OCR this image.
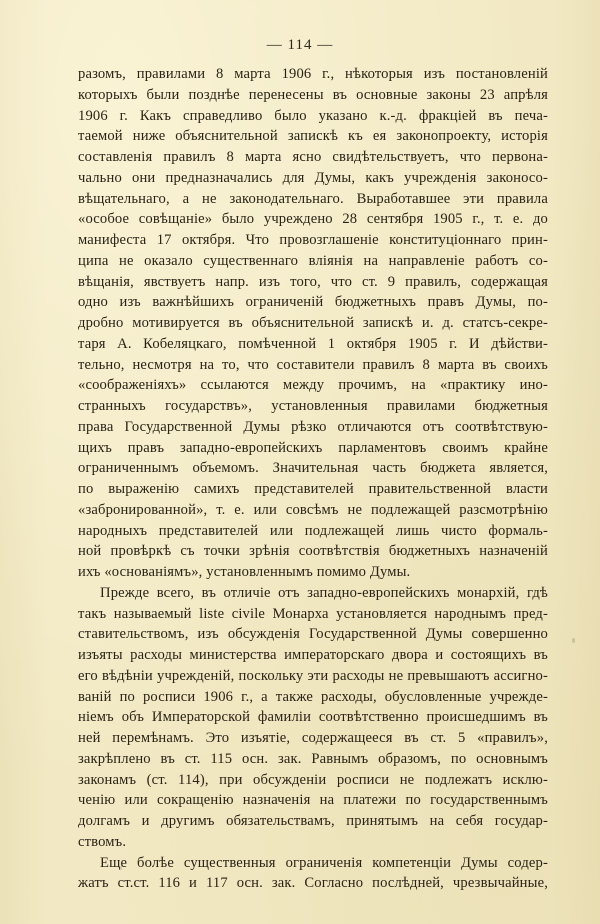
— 114 —
разомъ, правилами 8 марта 1906 г., нѣкоторыя изъ постановленій
которыхъ были позднѣе перенесены въ основные законы 23 апрѣля
1906 г. Какъ справедливо было указано к.-д. фракціей въ печа-
таемой ниже объяснительной запискѣ къ ея законопроекту, исторія
составленія правилъ 8 марта ясно свидѣтельствуетъ, что первона-
чально они предназначались для Думы, какъ учрежденія законосо-
вѣщательнаго, а не законодательнаго. Выработавшее эти правила
«особое совѣщаніе» было учреждено 28 сентября 1905 г., т. е. до
манифеста 17 октября. Что провозглашеніе конституціоннаго прин-
ципа не оказало существеннаго вліянія на направленіе работъ со-
вѣщанія, явствуетъ напр. изъ того, что ст. 9 правилъ, содержащая
одно изъ важнѣйшихъ ограниченій бюджетныхъ правъ Думы, по-
дробно мотивируется въ объяснительной запискѣ и. д. статсъ-секре-
таря А. Кобеляцкаго, помѣченной 1 октября 1905 г. И дѣйстви-
тельно, несмотря на то, что составители правилъ 8 марта въ своихъ
«соображеніяхъ» ссылаются между прочимъ, на «практику ино-
странныхъ государствъ», установленныя правилами бюджетныя
права Государственной Думы рѣзко отличаются отъ соотвѣтствую-
щихъ правъ западно-европейскихъ парламентовъ своимъ крайне
ограниченнымъ объемомъ. Значительная часть бюджета является,
по выраженію самихъ представителей правительственной власти
«забронированной», т. е. или совсѣмъ не подлежащей разсмотрѣнію
народныхъ представителей или подлежащей лишь чисто формаль-
ной провѣркѣ съ точки зрѣнія соотвѣтствія бюджетныхъ назначеній
ихъ «основаніямъ», установленнымъ помимо Думы.
Прежде всего, въ отличіе отъ западно-европейскихъ монархій, гдѣ
такъ называемый liste civile Монарха установляется народнымъ пред-
ставительствомъ, изъ обсужденія Государственной Думы совершенно
изъяты расходы министерства императорскаго двора и состоящихъ въ
его вѣдѣніи учрежденій, поскольку эти расходы не превышаютъ ассигно-
ваній по росписи 1906 г., а также расходы, обусловленные учрежде-
ніемъ объ Императорской фамиліи соотвѣтственно происшедшимъ въ
ней перемѣнамъ. Это изъятіе, содержащееся въ ст. 5 «правилъ»,
закрѣплено въ ст. 115 осн. зак. Равнымъ образомъ, по основнымъ
законамъ (ст. 114), при обсужденіи росписи не подлежатъ исклю-
ченію или сокращенію назначенія на платежи по государственнымъ
долгамъ и другимъ обязательствамъ, принятымъ на себя государ-
ствомъ.
Еще болѣе существенныя ограниченія компетенціи Думы содер-
жатъ ст.ст. 116 и 117 осн. зак. Согласно послѣдней, чрезвычайные,
